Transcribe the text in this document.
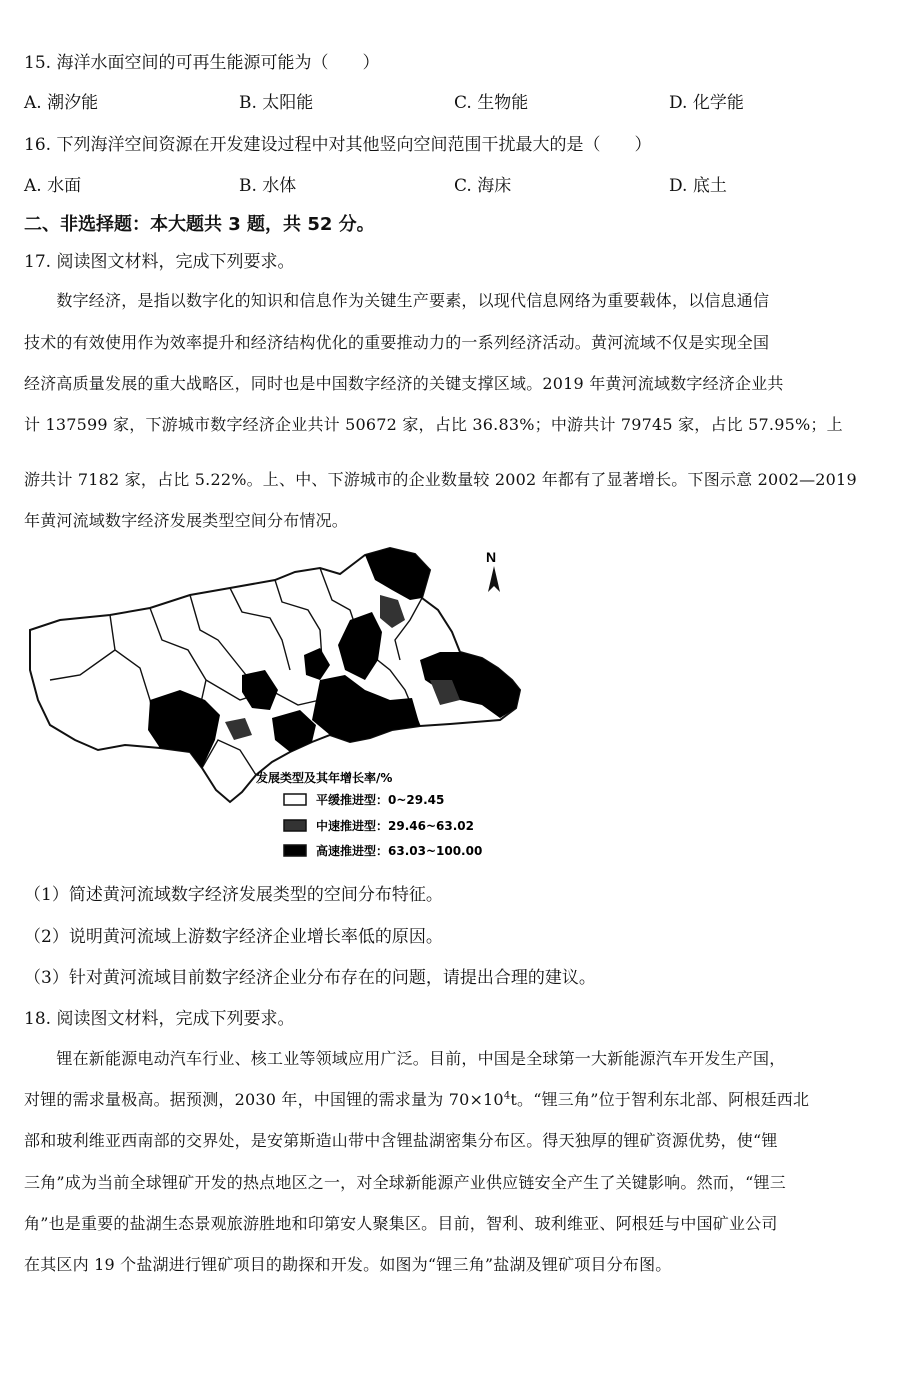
15. 海洋水面空间的可再生能源可能为（　　）
A. 潮汐能	B. 太阳能	C. 生物能	D. 化学能
16. 下列海洋空间资源在开发建设过程中对其他竖向空间范围干扰最大的是（　　）
A. 水面	B. 水体	C. 海床	D. 底土
二、非选择题：本大题共 3 题，共 52 分。
17. 阅读图文材料，完成下列要求。
　　数字经济，是指以数字化的知识和信息作为关键生产要素，以现代信息网络为重要载体，以信息通信
技术的有效使用作为效率提升和经济结构优化的重要推动力的一系列经济活动。黄河流域不仅是实现全国
经济高质量发展的重大战略区，同时也是中国数字经济的关键支撑区域。2019 年黄河流域数字经济企业共
计 137599 家，下游城市数字经济企业共计 50672 家，占比 36.83%；中游共计 79745 家，占比 57.95%；上
游共计 7182 家，占比 5.22%。上、中、下游城市的企业数量较 2002 年都有了显著增长。下图示意 2002—2019
年黄河流域数字经济发展类型空间分布情况。
N
发展类型及其年增长率/%
平缓推进型：0~29.45
中速推进型：29.46~63.02
高速推进型：63.03~100.00
（1）简述黄河流域数字经济发展类型的空间分布特征。
（2）说明黄河流域上游数字经济企业增长率低的原因。
（3）针对黄河流域目前数字经济企业分布存在的问题，请提出合理的建议。
18. 阅读图文材料，完成下列要求。
　　锂在新能源电动汽车行业、核工业等领域应用广泛。目前，中国是全球第一大新能源汽车开发生产国，
对锂的需求量极高。据预测，2030 年，中国锂的需求量为 $70\times 10^4t$。“锂三角”位于智利东北部、阿根廷西北
部和玻利维亚西南部的交界处，是安第斯造山带中含锂盐湖密集分布区。得天独厚的锂矿资源优势，使“锂
三角”成为当前全球锂矿开发的热点地区之一，对全球新能源产业供应链安全产生了关键影响。然而，“锂三
角”也是重要的盐湖生态景观旅游胜地和印第安人聚集区。目前，智利、玻利维亚、阿根廷与中国矿业公司
在其区内 19 个盐湖进行锂矿项目的勘探和开发。如图为“锂三角”盐湖及锂矿项目分布图。
